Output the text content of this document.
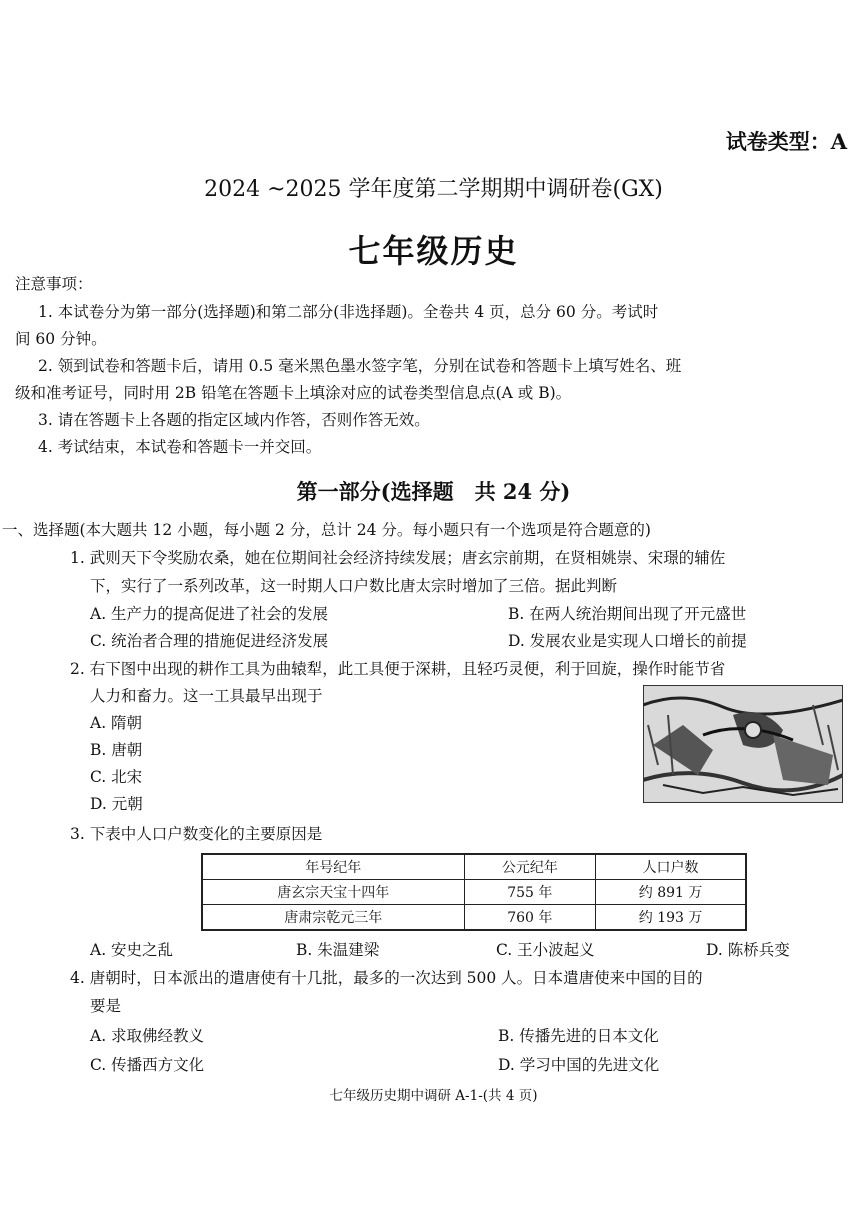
试卷类型：A
2024 ~2025 学年度第二学期期中调研卷(GX)
七年级历史
注意事项：
1. 本试卷分为第一部分(选择题)和第二部分(非选择题)。全卷共 4 页，总分 60 分。考试时
间 60 分钟。
2. 领到试卷和答题卡后，请用 0.5 毫米黑色墨水签字笔，分别在试卷和答题卡上填写姓名、班
级和准考证号，同时用 2B 铅笔在答题卡上填涂对应的试卷类型信息点(A 或 B)。
3. 请在答题卡上各题的指定区域内作答，否则作答无效。
4. 考试结束，本试卷和答题卡一并交回。
第一部分(选择题　共 24 分)
一、选择题(本大题共 12 小题，每小题 2 分，总计 24 分。每小题只有一个选项是符合题意的)
1. 武则天下令奖励农桑，她在位期间社会经济持续发展；唐玄宗前期，在贤相姚崇、宋璟的辅佐
下，实行了一系列改革，这一时期人口户数比唐太宗时增加了三倍。据此判断
A. 生产力的提高促进了社会的发展	B. 在两人统治期间出现了开元盛世
C. 统治者合理的措施促进经济发展	D. 发展农业是实现人口增长的前提
2. 右下图中出现的耕作工具为曲辕犁，此工具便于深耕，且轻巧灵便，利于回旋，操作时能节省
人力和畜力。这一工具最早出现于
A. 隋朝
B. 唐朝
C. 北宋
D. 元朝
3. 下表中人口户数变化的主要原因是
年号纪年	公元纪年	人口户数
唐玄宗天宝十四年	755 年	约 891 万
唐肃宗乾元三年	760 年	约 193 万
A. 安史之乱	B. 朱温建梁	C. 王小波起义	D. 陈桥兵变
4. 唐朝时，日本派出的遣唐使有十几批，最多的一次达到 500 人。日本遣唐使来中国的目的
要是
A. 求取佛经教义	B. 传播先进的日本文化
C. 传播西方文化	D. 学习中国的先进文化
七年级历史期中调研 A-1-(共 4 页)
